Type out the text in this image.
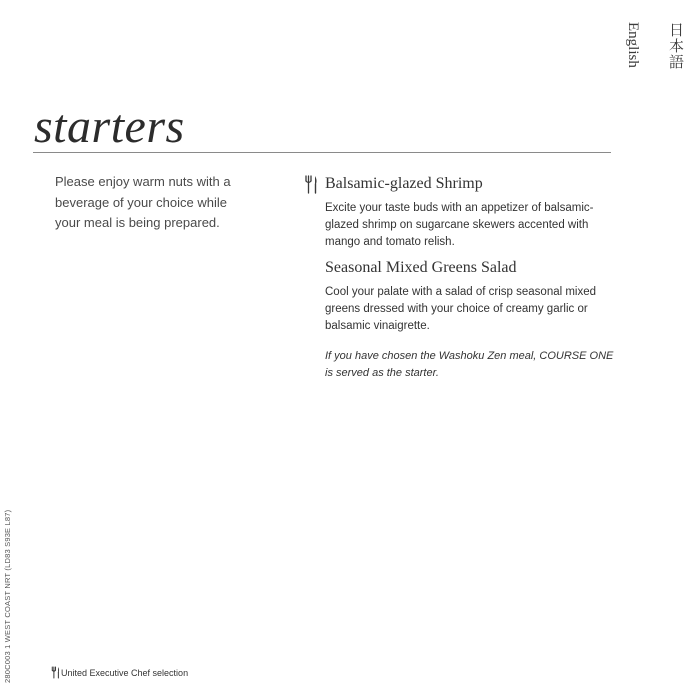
English 日本語
starters

Please enjoy warm nuts with a beverage of your choice while your meal is being prepared.

Balsamic-glazed Shrimp

Excite your taste buds with an appetizer of balsamic-glazed shrimp on sugarcane skewers accented with mango and tomato relish.

Seasonal Mixed Greens Salad

Cool your palate with a salad of crisp seasonal mixed greens dressed with your choice of creamy garlic or balsamic vinaigrette.

If you have chosen the Washoku Zen meal, COURSE ONE is served as the starter.

280C003 1 WEST COAST NRT (LD83 S93E L87)	United Executive Chef selection
